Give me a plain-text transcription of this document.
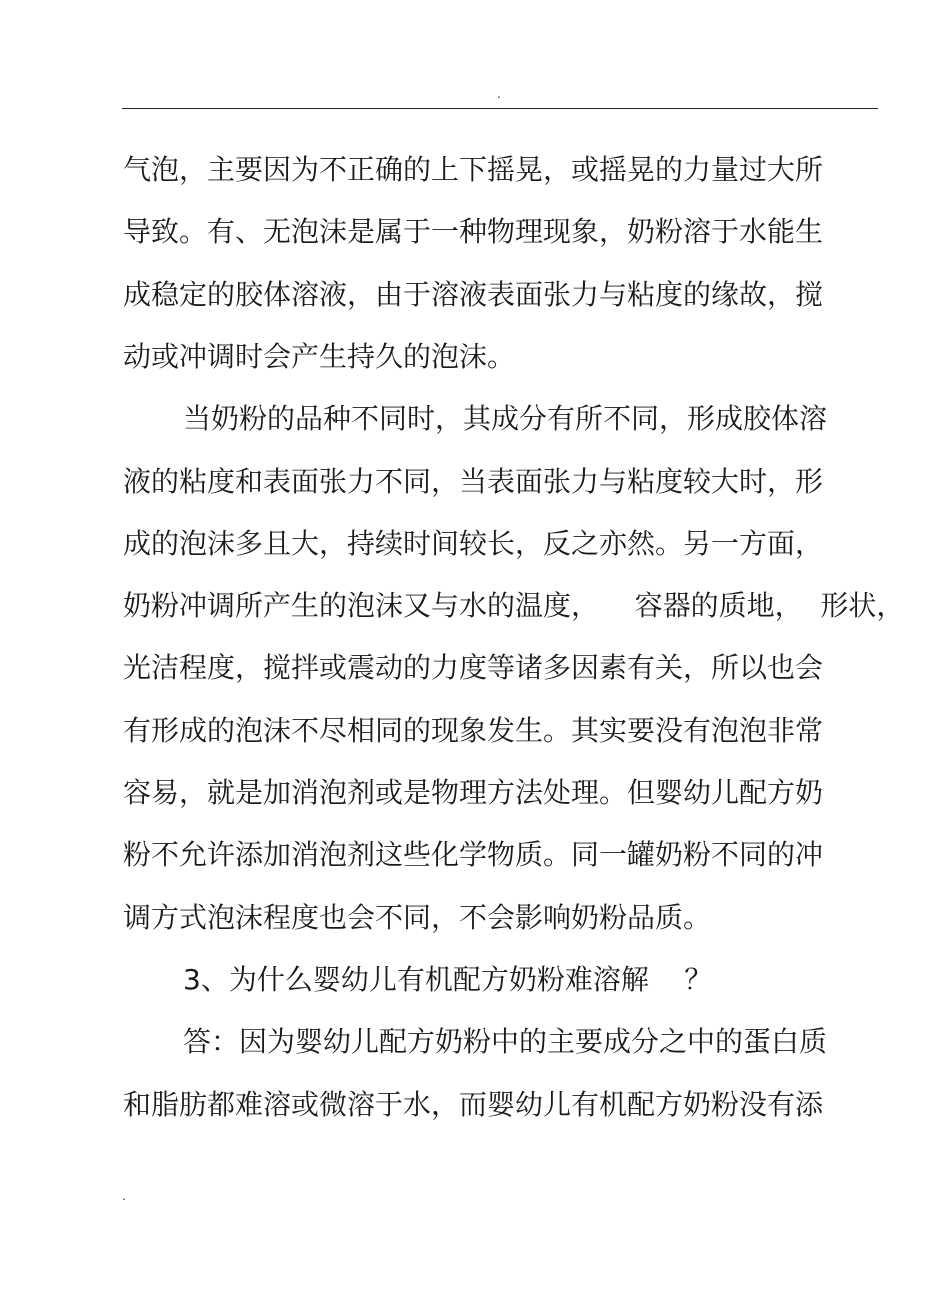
.
气泡，主要因为不正确的上下摇晃，或摇晃的力量过大所
导致。有、无泡沫是属于一种物理现象，奶粉溶于水能生
成稳定的胶体溶液，由于溶液表面张力与粘度的缘故，搅
动或冲调时会产生持久的泡沫。
当奶粉的品种不同时，其成分有所不同，形成胶体溶
液的粘度和表面张力不同，当表面张力与粘度较大时，形
成的泡沫多且大，持续时间较长，反之亦然。另一方面，
奶粉冲调所产生的泡沫又与水的温度，    容器的质地，  形状，
光洁程度，搅拌或震动的力度等诸多因素有关，所以也会
有形成的泡沫不尽相同的现象发生。其实要没有泡泡非常
容易，就是加消泡剂或是物理方法处理。但婴幼儿配方奶
粉不允许添加消泡剂这些化学物质。同一罐奶粉不同的冲
调方式泡沫程度也会不同，不会影响奶粉品质。
3、为什么婴幼儿有机配方奶粉难溶解    ？
答：因为婴幼儿配方奶粉中的主要成分之中的蛋白质
和脂肪都难溶或微溶于水，而婴幼儿有机配方奶粉没有添
.
